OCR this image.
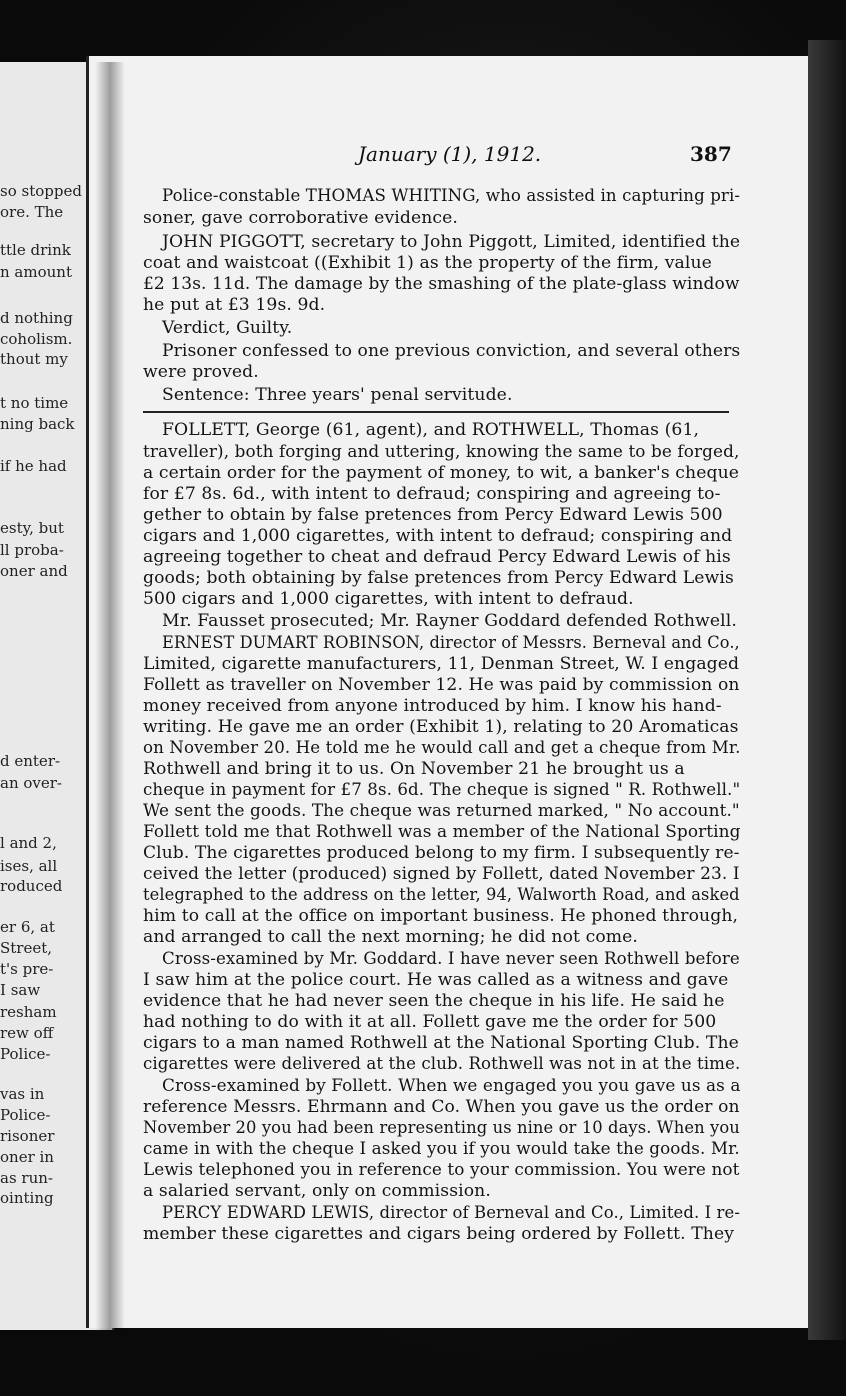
so stopped
ore. The
ttle drink
n amount
d nothing
coholism.
thout my
t no time
ning back
if he had
esty, but
ll proba-
oner and
d enter-
an over-
l and 2,
ises, all
roduced
er 6, at
Street,
t's pre-
I saw
resham
rew off
Police-
vas in
Police-
risoner
oner in
as run-
ointing
January (1), 1912.	387
Police-constable THOMAS WHITING, who assisted in capturing pri-
soner, gave corroborative evidence.
JOHN PIGGOTT, secretary to John Piggott, Limited, identified the
coat and waistcoat ((Exhibit 1) as the property of the firm, value
£2 13s. 11d. The damage by the smashing of the plate-glass window
he put at £3 19s. 9d.
Verdict, Guilty.
Prisoner confessed to one previous conviction, and several others
were proved.
Sentence: Three years' penal servitude.
FOLLETT, George (61, agent), and ROTHWELL, Thomas (61,
traveller), both forging and uttering, knowing the same to be forged,
a certain order for the payment of money, to wit, a banker's cheque
for £7 8s. 6d., with intent to defraud; conspiring and agreeing to-
gether to obtain by false pretences from Percy Edward Lewis 500
cigars and 1,000 cigarettes, with intent to defraud; conspiring and
agreeing together to cheat and defraud Percy Edward Lewis of his
goods; both obtaining by false pretences from Percy Edward Lewis
500 cigars and 1,000 cigarettes, with intent to defraud.
Mr. Fausset prosecuted; Mr. Rayner Goddard defended Rothwell.
ERNEST DUMART ROBINSON, director of Messrs. Berneval and Co.,
Limited, cigarette manufacturers, 11, Denman Street, W. I engaged
Follett as traveller on November 12. He was paid by commission on
money received from anyone introduced by him. I know his hand-
writing. He gave me an order (Exhibit 1), relating to 20 Aromaticas
on November 20. He told me he would call and get a cheque from Mr.
Rothwell and bring it to us. On November 21 he brought us a
cheque in payment for £7 8s. 6d. The cheque is signed " R. Rothwell."
We sent the goods. The cheque was returned marked, " No account."
Follett told me that Rothwell was a member of the National Sporting
Club. The cigarettes produced belong to my firm. I subsequently re-
ceived the letter (produced) signed by Follett, dated November 23. I
telegraphed to the address on the letter, 94, Walworth Road, and asked
him to call at the office on important business. He phoned through,
and arranged to call the next morning; he did not come.
Cross-examined by Mr. Goddard. I have never seen Rothwell before
I saw him at the police court. He was called as a witness and gave
evidence that he had never seen the cheque in his life. He said he
had nothing to do with it at all. Follett gave me the order for 500
cigars to a man named Rothwell at the National Sporting Club. The
cigarettes were delivered at the club. Rothwell was not in at the time.
Cross-examined by Follett. When we engaged you you gave us as a
reference Messrs. Ehrmann and Co. When you gave us the order on
November 20 you had been representing us nine or 10 days. When you
came in with the cheque I asked you if you would take the goods. Mr.
Lewis telephoned you in reference to your commission. You were not
a salaried servant, only on commission.
PERCY EDWARD LEWIS, director of Berneval and Co., Limited. I re-
member these cigarettes and cigars being ordered by Follett. They
